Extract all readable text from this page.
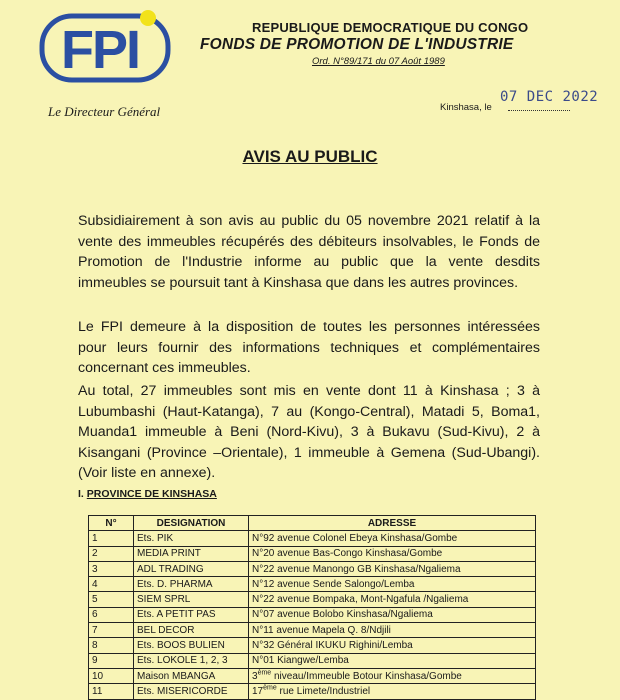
FPI
Le Directeur Général
REPUBLIQUE DEMOCRATIQUE DU CONGO
FONDS DE PROMOTION DE L'INDUSTRIE
Ord. N°89/171 du 07 Août 1989
Kinshasa, le
07 DEC 2022
AVIS AU PUBLIC

Subsidiairement à son avis au public du 05 novembre 2021 relatif à la vente des immeubles récupérés des débiteurs insolvables, le Fonds de Promotion de l'Industrie informe au public que la vente desdits immeubles se poursuit tant à Kinshasa que dans les autres provinces.

Le FPI demeure à la disposition de toutes les personnes intéressées pour leurs fournir des informations techniques et complémentaires concernant ces immeubles.

Au total, 27 immeubles sont mis en vente dont 11 à Kinshasa ; 3 à Lubumbashi (Haut-Katanga), 7 au (Kongo-Central), Matadi 5, Boma1, Muanda1 immeuble à Beni (Nord-Kivu), 3 à Bukavu (Sud-Kivu), 2 à Kisangani (Province –Orientale), 1 immeuble à Gemena (Sud-Ubangi). (Voir liste en annexe).

I. PROVINCE DE KINSHASA
N°	DESIGNATION	ADRESSE
1	Ets. PIK	N°92 avenue Colonel Ebeya Kinshasa/Gombe
2	MEDIA PRINT	N°20 avenue Bas-Congo Kinshasa/Gombe
3	ADL TRADING	N°22 avenue Manongo GB Kinshasa/Ngaliema
4	Ets. D. PHARMA	N°12 avenue Sende Salongo/Lemba
5	SIEM SPRL	N°22 avenue Bompaka, Mont-Ngafula /Ngaliema
6	Ets. A PETIT PAS	N°07 avenue Bolobo Kinshasa/Ngaliema
7	BEL DECOR	N°11 avenue Mapela Q. 8/Ndjili
8	Ets. BOOS BULIEN	N°32 Général IKUKU Righini/Lemba
9	Ets. LOKOLE 1, 2, 3	N°01 Kiangwe/Lemba
10	Maison MBANGA	3ème niveau/Immeuble Botour Kinshasa/Gombe
11	Ets. MISERICORDE	17ème rue Limete/Industriel
